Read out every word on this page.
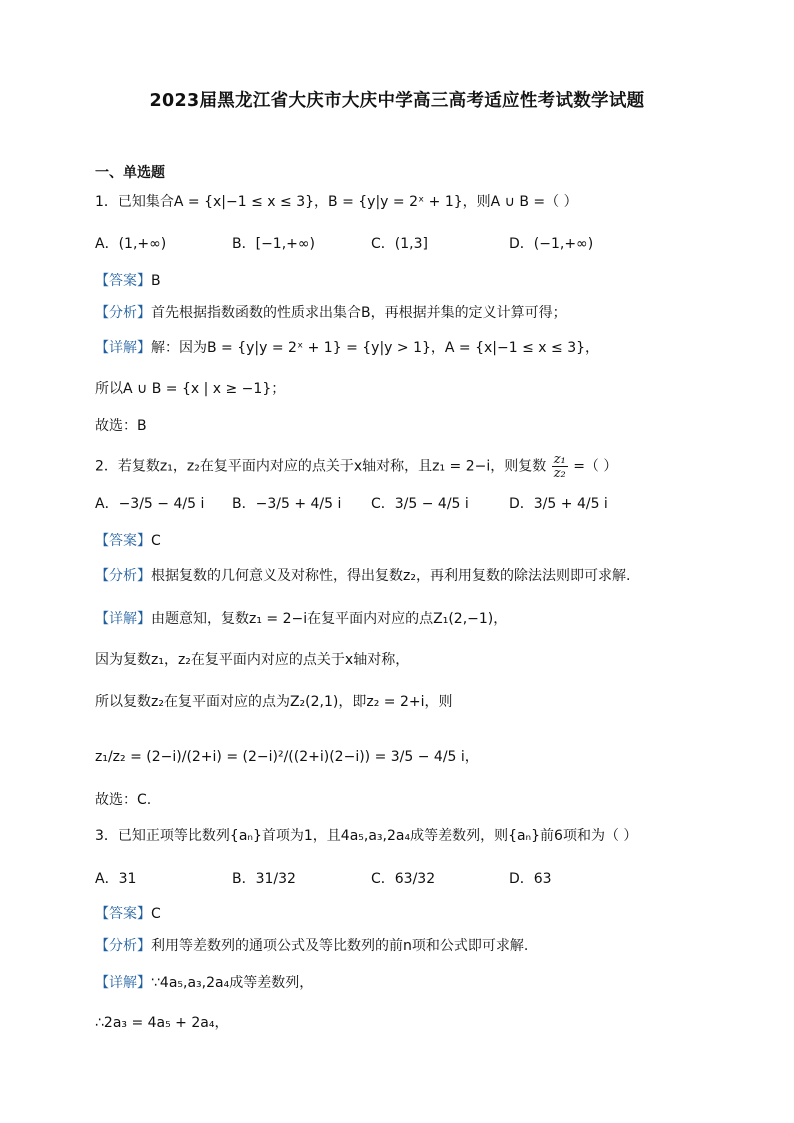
2023届黑龙江省大庆市大庆中学高三高考适应性考试数学试题
一、单选题
1．已知集合A = {x|−1 ≤ x ≤ 3}，B = {y|y = 2ˣ + 1}，则A ∪ B =（ ）
A．(1,+∞)	B．[−1,+∞)	C．(1,3]	D．(−1,+∞)
【答案】B
【分析】首先根据指数函数的性质求出集合B，再根据并集的定义计算可得；
【详解】解：因为B = {y|y = 2ˣ + 1} = {y|y > 1}，A = {x|−1 ≤ x ≤ 3}，
所以A ∪ B = {x | x ≥ −1}；
故选：B
2．若复数z₁，z₂在复平面内对应的点关于x轴对称，且z₁ = 2−i，则复数 $\frac{\text{z₁}}{\text{z₂}}$ =（ ）
A．−3/5 − 4/5 i B．−3/5 + 4/5 i C．3/5 − 4/5 i	D．3/5 + 4/5 i
【答案】C
【分析】根据复数的几何意义及对称性，得出复数z₂，再利用复数的除法法则即可求解.
【详解】由题意知，复数z₁ = 2−i在复平面内对应的点Z₁(2,−1)，
因为复数z₁，z₂在复平面内对应的点关于x轴对称，
所以复数z₂在复平面对应的点为Z₂(2,1)，即z₂ = 2+i，则
z₁/z₂ = (2−i)/(2+i) = (2−i)²/((2+i)(2−i)) = 3/5 − 4/5 i，
故选：C.
3．已知正项等比数列{aₙ}首项为1，且4a₅,a₃,2a₄成等差数列，则{aₙ}前6项和为（ ）
A．31	B．31/32	C．63/32	D．63
【答案】C
【分析】利用等差数列的通项公式及等比数列的前n项和公式即可求解.
【详解】∵4a₅,a₃,2a₄成等差数列，
∴2a₃ = 4a₅ + 2a₄，
